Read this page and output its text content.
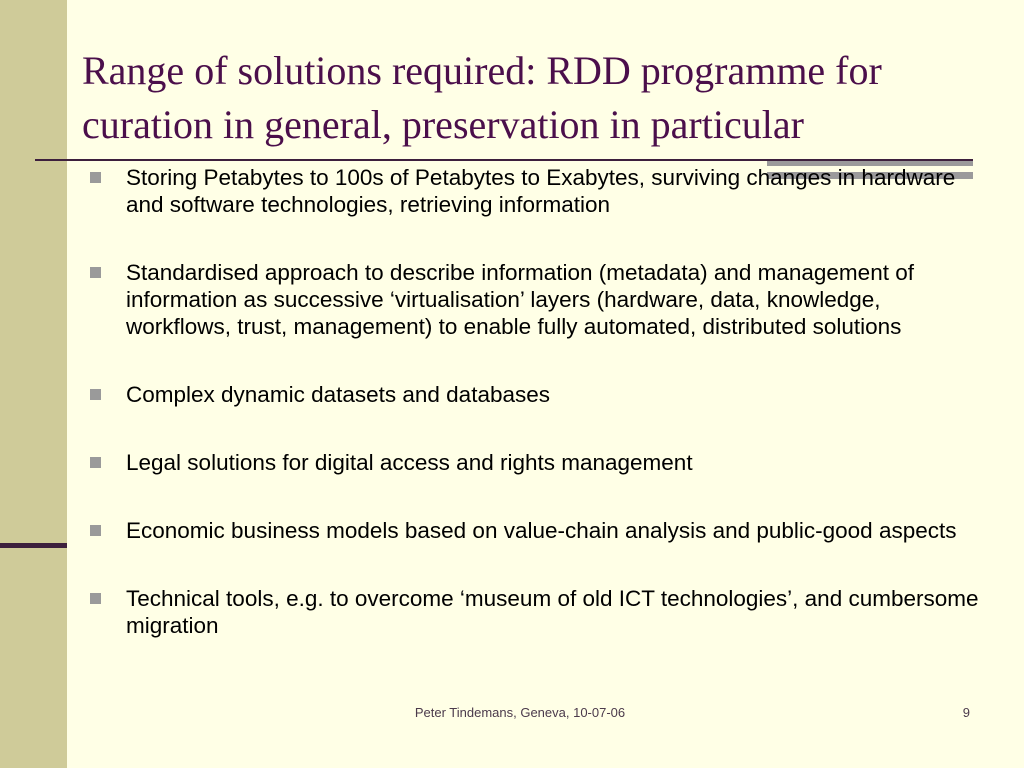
Range of solutions required: RDD programme for curation in general, preservation in particular
Storing Petabytes to 100s of Petabytes to Exabytes, surviving changes in hardware and software technologies, retrieving information
Standardised approach to describe information (metadata) and management of information as successive ‘virtualisation’ layers (hardware, data, knowledge, workflows, trust, management) to enable fully automated, distributed solutions
Complex dynamic datasets and databases
Legal solutions for digital access and rights management
Economic business models based on value-chain analysis and public-good aspects
Technical tools, e.g. to overcome ‘museum of old ICT technologies’, and cumbersome migration
Peter Tindemans, Geneva, 10-07-06	9
